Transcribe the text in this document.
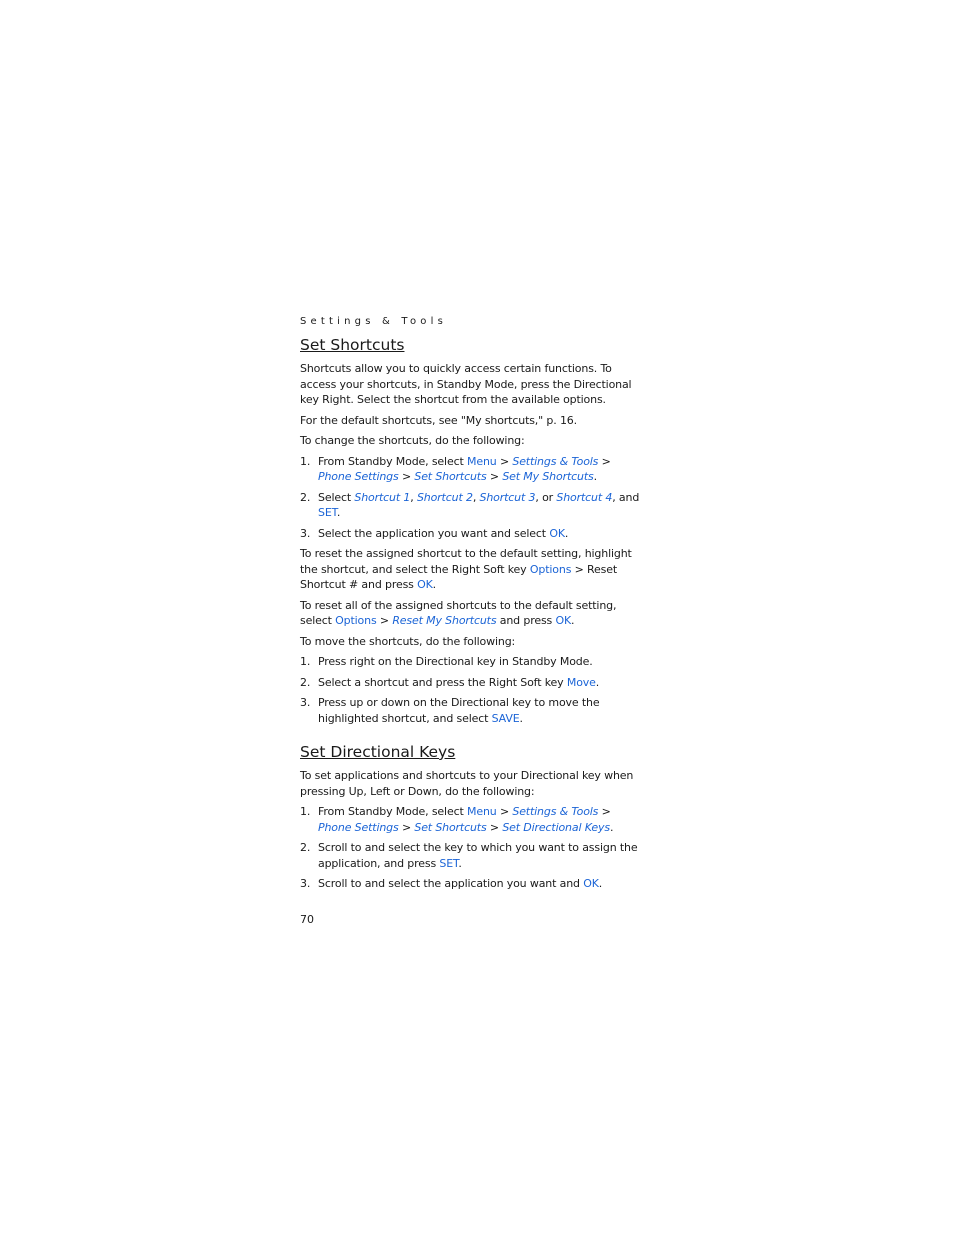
Settings & Tools
Set Shortcuts

Shortcuts allow you to quickly access certain functions. To access your shortcuts, in Standby Mode, press the Directional key Right. Select the shortcut from the available options.

For the default shortcuts, see "My shortcuts," p. 16.

To change the shortcuts, do the following:

1. From Standby Mode, select Menu > Settings & Tools > Phone Settings > Set Shortcuts > Set My Shortcuts.
2. Select Shortcut 1, Shortcut 2, Shortcut 3, or Shortcut 4, and SET.
3. Select the application you want and select OK.

To reset the assigned shortcut to the default setting, highlight the shortcut, and select the Right Soft key Options > Reset Shortcut # and press OK.

To reset all of the assigned shortcuts to the default setting, select Options > Reset My Shortcuts and press OK.

To move the shortcuts, do the following:

1. Press right on the Directional key in Standby Mode.
2. Select a shortcut and press the Right Soft key Move.
3. Press up or down on the Directional key to move the highlighted shortcut, and select SAVE.
Set Directional Keys

To set applications and shortcuts to your Directional key when pressing Up, Left or Down, do the following:

1. From Standby Mode, select Menu > Settings & Tools > Phone Settings > Set Shortcuts > Set Directional Keys.
2. Scroll to and select the key to which you want to assign the application, and press SET.
3. Scroll to and select the application you want and OK.
70
